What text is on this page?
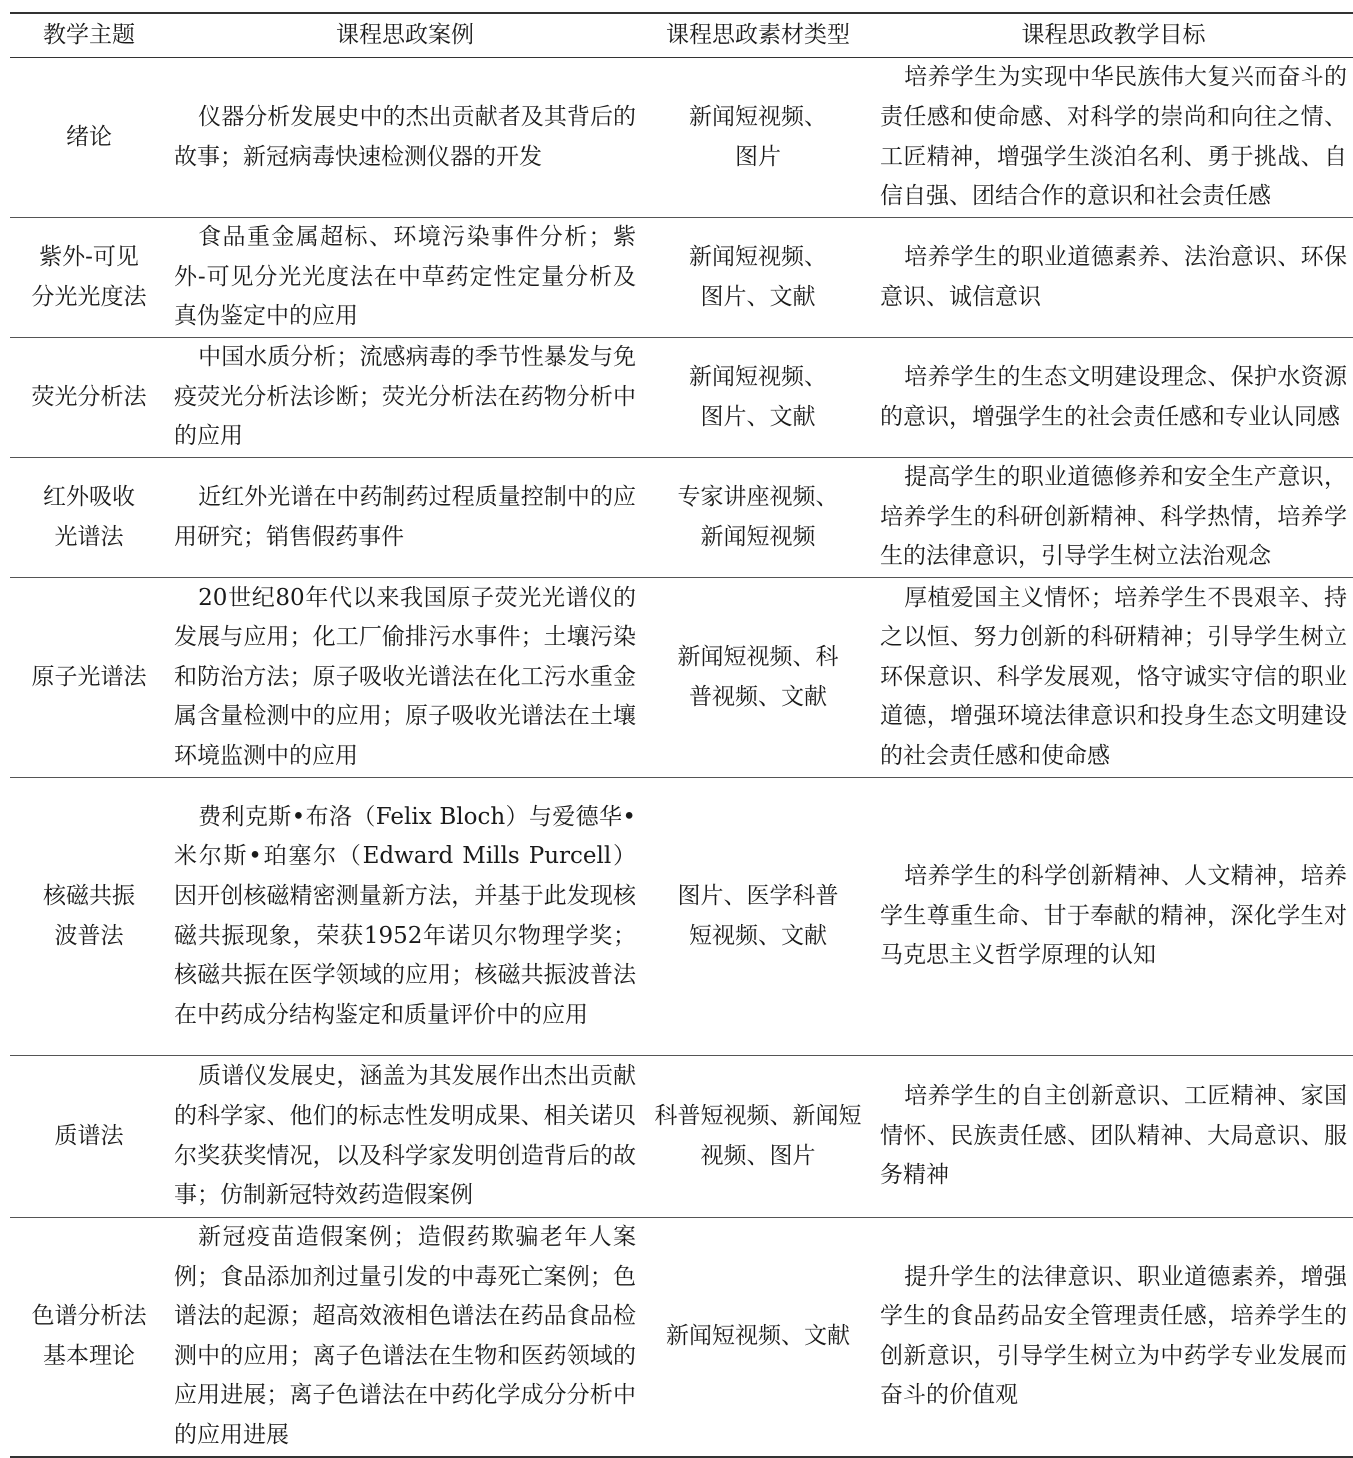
教学主题	课程思政案例	课程思政素材类型	课程思政教学目标

绪论	仪器分析发展史中的杰出贡献者及其背后的故事；新冠病毒快速检测仪器的开发	新闻短视频、图片	培养学生为实现中华民族伟大复兴而奋斗的责任感和使命感、对科学的崇尚和向往之情、工匠精神，增强学生淡泊名利、勇于挑战、自信自强、团结合作的意识和社会责任感

紫外-可见分光光度法	食品重金属超标、环境污染事件分析；紫外-可见分光光度法在中草药定性定量分析及真伪鉴定中的应用	新闻短视频、图片、文献	培养学生的职业道德素养、法治意识、环保意识、诚信意识

荧光分析法	中国水质分析；流感病毒的季节性暴发与免疫荧光分析法诊断；荧光分析法在药物分析中的应用	新闻短视频、图片、文献	培养学生的生态文明建设理念、保护水资源的意识，增强学生的社会责任感和专业认同感

红外吸收光谱法	近红外光谱在中药制药过程质量控制中的应用研究；销售假药事件	专家讲座视频、新闻短视频	提高学生的职业道德修养和安全生产意识，培养学生的科研创新精神、科学热情，培养学生的法律意识，引导学生树立法治观念
原子光谱法	20世纪80年代以来我国原子荧光光谱仪的发展与应用；化工厂偷排污水事件；土壤污染和防治方法；原子吸收光谱法在化工污水重金属含量检测中的应用；原子吸收光谱法在土壤环境监测中的应用	新闻短视频、科普视频、文献	厚植爱国主义情怀；培养学生不畏艰辛、持之以恒、努力创新的科研精神；引导学生树立环保意识、科学发展观，恪守诚实守信的职业道德，增强环境法律意识和投身生态文明建设的社会责任感和使命感

核磁共振波普法	费利克斯•布洛（Felix Bloch）与爱德华•米尔斯•珀塞尔（Edward Mills Purcell）因开创核磁精密测量新方法，并基于此发现核磁共振现象，荣获1952年诺贝尔物理学奖；核磁共振在医学领域的应用；核磁共振波普法在中药成分结构鉴定和质量评价中的应用	图片、医学科普短视频、文献	培养学生的科学创新精神、人文精神，培养学生尊重生命、甘于奉献的精神，深化学生对马克思主义哲学原理的认知
质谱法	质谱仪发展史，涵盖为其发展作出杰出贡献的科学家、他们的标志性发明成果、相关诺贝尔奖获奖情况，以及科学家发明创造背后的故事；仿制新冠特效药造假案例	科普短视频、新闻短视频、图片	培养学生的自主创新意识、工匠精神、家国情怀、民族责任感、团队精神、大局意识、服务精神

色谱分析法基本理论	新冠疫苗造假案例；造假药欺骗老年人案例；食品添加剂过量引发的中毒死亡案例；色谱法的起源；超高效液相色谱法在药品食品检测中的应用；离子色谱法在生物和医药领域的应用进展；离子色谱法在中药化学成分分析中的应用进展	新闻短视频、文献	提升学生的法律意识、职业道德素养，增强学生的食品药品安全管理责任感，培养学生的创新意识，引导学生树立为中药学专业发展而奋斗的价值观
